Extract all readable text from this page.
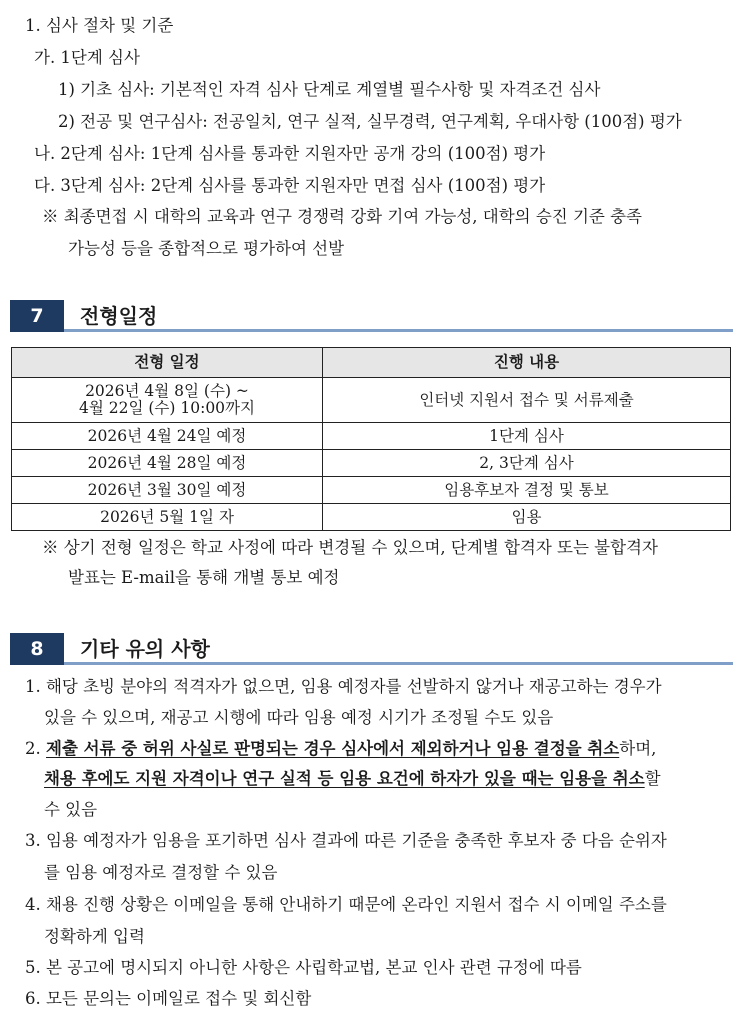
1. 심사 절차 및 기준
가. 1단계 심사
1) 기초 심사: 기본적인 자격 심사 단계로 계열별 필수사항 및 자격조건 심사
2) 전공 및 연구심사: 전공일치, 연구 실적, 실무경력, 연구계획, 우대사항 (100점) 평가
나. 2단계 심사: 1단계 심사를 통과한 지원자만 공개 강의 (100점) 평가
다. 3단계 심사: 2단계 심사를 통과한 지원자만 면접 심사 (100점) 평가
※ 최종면접 시 대학의 교육과 연구 경쟁력 강화 기여 가능성, 대학의 승진 기준 충족
가능성 등을 종합적으로 평가하여 선발
7	전형일정
전형 일정	진행 내용
2026년 4월 8일 (수) ~
4월 22일 (수) 10:00까지	인터넷 지원서 접수 및 서류제출
2026년 4월 24일 예정	1단계 심사
2026년 4월 28일 예정	2, 3단계 심사
2026년 3월 30일 예정	임용후보자 결정 및 통보
2026년 5월 1일 자	임용
※ 상기 전형 일정은 학교 사정에 따라 변경될 수 있으며, 단계별 합격자 또는 불합격자
발표는 E-mail을 통해 개별 통보 예정
8	기타 유의 사항
1. 해당 초빙 분야의 적격자가 없으면, 임용 예정자를 선발하지 않거나 재공고하는 경우가
있을 수 있으며, 재공고 시행에 따라 임용 예정 시기가 조정될 수도 있음
2. 제출 서류 중 허위 사실로 판명되는 경우 심사에서 제외하거나 임용 결정을 취소하며,
채용 후에도 지원 자격이나 연구 실적 등 임용 요건에 하자가 있을 때는 임용을 취소할
수 있음
3. 임용 예정자가 임용을 포기하면 심사 결과에 따른 기준을 충족한 후보자 중 다음 순위자
를 임용 예정자로 결정할 수 있음
4. 채용 진행 상황은 이메일을 통해 안내하기 때문에 온라인 지원서 접수 시 이메일 주소를
정확하게 입력
5. 본 공고에 명시되지 아니한 사항은 사립학교법, 본교 인사 관련 규정에 따름
6. 모든 문의는 이메일로 접수 및 회신함
